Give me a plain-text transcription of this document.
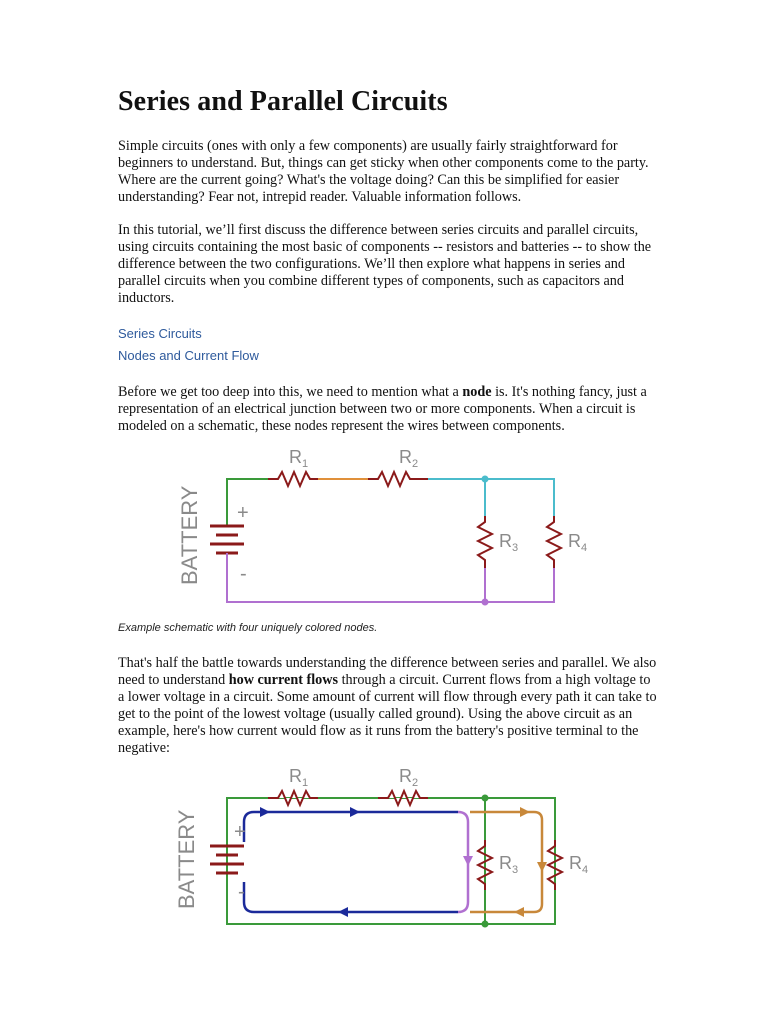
Series and Parallel Circuits

Simple circuits (ones with only a few components) are usually fairly straightforward for beginners to understand. But, things can get sticky when other components come to the party. Where are the current going? What's the voltage doing? Can this be simplified for easier understanding? Fear not, intrepid reader. Valuable information follows.

In this tutorial, we’ll first discuss the difference between series circuits and parallel circuits, using circuits containing the most basic of components -- resistors and batteries -- to show the difference between the two configurations. We’ll then explore what happens in series and parallel circuits when you combine different types of components, such as capacitors and inductors.

Series Circuits

Nodes and Current Flow

Before we get too deep into this, we need to mention what a node is. It's nothing fancy, just a representation of an electrical junction between two or more components. When a circuit is modeled on a schematic, these nodes represent the wires between components.

BATTERY +
-
$R_1$	$R_2$
$R_3$	$R_4$

Example schematic with four uniquely colored nodes.

That's half the battle towards understanding the difference between series and parallel. We also need to understand how current flows through a circuit. Current flows from a high voltage to a lower voltage in a circuit. Some amount of current will flow through every path it can take to get to the point of the lowest voltage (usually called ground). Using the above circuit as an example, here's how current would flow as it runs from the battery's positive terminal to the negative:

BATTERY +
-
$R_1$	$R_2$
$R_3$	$R_4$
